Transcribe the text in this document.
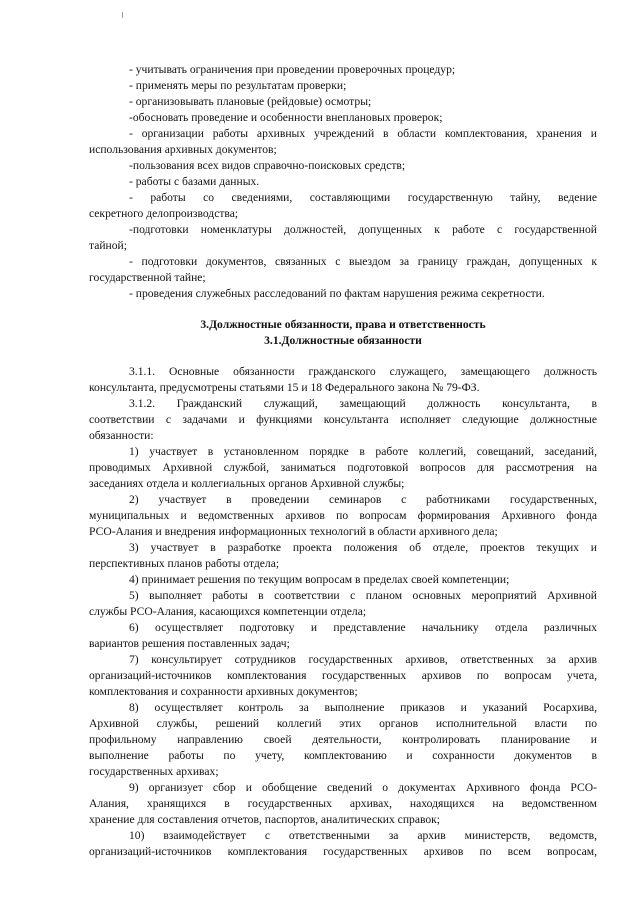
- учитывать ограничения при проведении проверочных процедур;
- применять меры по результатам проверки;
- организовывать плановые (рейдовые) осмотры;
-обосновать проведение и особенности внеплановых проверок;
- организации работы архивных учреждений в области комплектования, хранения и
использования архивных документов;
-пользования всех видов справочно-поисковых средств;
- работы с базами данных.
- работы со сведениями, составляющими государственную тайну, ведение
секретного делопроизводства;
-подготовки номенклатуры должностей, допущенных к работе с государственной
тайной;
- подготовки документов, связанных с выездом за границу граждан, допущенных к
государственной тайне;
- проведения служебных расследований по фактам нарушения режима секретности.
3.Должностные обязанности, права и ответственность
3.1.Должностные обязанности
3.1.1. Основные обязанности гражданского служащего, замещающего должность
консультанта, предусмотрены статьями 15 и 18 Федерального закона № 79-ФЗ.
3.1.2. Гражданский служащий, замещающий должность консультанта, в
соответствии с задачами и функциями консультанта исполняет следующие должностные
обязанности:
1) участвует в установленном порядке в работе коллегий, совещаний, заседаний,
проводимых Архивной службой, заниматься подготовкой вопросов для рассмотрения на
заседаниях отдела и коллегиальных органов Архивной службы;
2) участвует в проведении семинаров с работниками государственных,
муниципальных и ведомственных архивов по вопросам формирования Архивного фонда
РСО-Алания и внедрения информационных технологий в области архивного дела;
3) участвует в разработке проекта положения об отделе, проектов текущих и
перспективных планов работы отдела;
4) принимает решения по текущим вопросам в пределах своей компетенции;
5) выполняет работы в соответствии с планом основных мероприятий Архивной
службы РСО-Алания, касающихся компетенции отдела;
6) осуществляет подготовку и представление начальнику отдела различных
вариантов решения поставленных задач;
7) консультирует сотрудников государственных архивов, ответственных за архив
организаций-источников комплектования государственных архивов по вопросам учета,
комплектования и сохранности архивных документов;
8) осуществляет контроль за выполнение приказов и указаний Росархива,
Архивной службы, решений коллегий этих органов исполнительной власти по
профильному направлению своей деятельности, контролировать планирование и
выполнение работы по учету, комплектованию и сохранности документов в
государственных архивах;
9) организует сбор и обобщение сведений о документах Архивного фонда РСО-
Алания, хранящихся в государственных архивах, находящихся на ведомственном
хранение для составления отчетов, паспортов, аналитических справок;
10) взаимодействует с ответственными за архив министерств, ведомств,
организаций-источников комплектования государственных архивов по всем вопросам,
